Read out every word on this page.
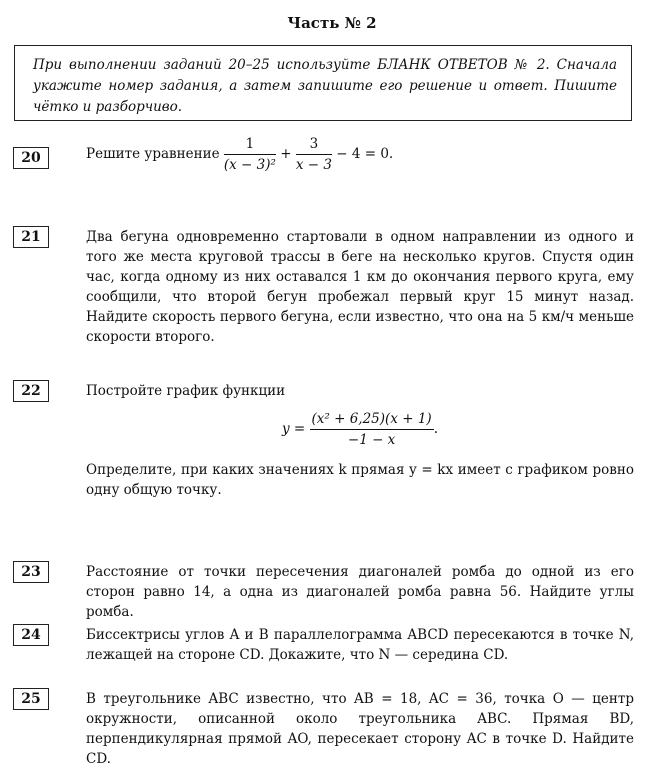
Часть № 2
При выполнении заданий 20–25 используйте БЛАНК ОТВЕТОВ № 2. Сначала укажите номер задания, а затем запишите его решение и ответ. Пишите чётко и разборчиво.
20	Решите уравнение $\frac{1}{\text{(x − 3)²}} + \frac{3}{x - 3} - 4 = 0$.
21	Два бегуна одновременно стартовали в одном направлении из одного и того же места круговой трассы в беге на несколько кругов. Спустя один час, когда одному из них оставался 1 км до окончания первого круга, ему сообщили, что второй бегун пробежал первый круг 15 минут назад. Найдите скорость первого бегуна, если известно, что она на 5 км/ч меньше скорости второго.
22	Постройте график функции
$y = \frac{\text{(x² + 6,25)(x + 1)}}{-1 - x}$ .
Определите, при каких значениях k прямая y = kx имеет с графиком ровно одну общую точку.
23	Расстояние от точки пересечения диагоналей ромба до одной из его сторон равно 14, а одна из диагоналей ромба равна 56. Найдите углы ромба.
24	Биссектрисы углов A и B параллелограмма ABCD пересекаются в точке N, лежащей на стороне CD. Докажите, что N — середина CD.
25	В треугольнике ABC известно, что AB = 18, AC = 36, точка O — центр окружности, описанной около треугольника ABC. Прямая BD, перпендикулярная прямой AO, пересекает сторону AC в точке D. Найдите CD.
